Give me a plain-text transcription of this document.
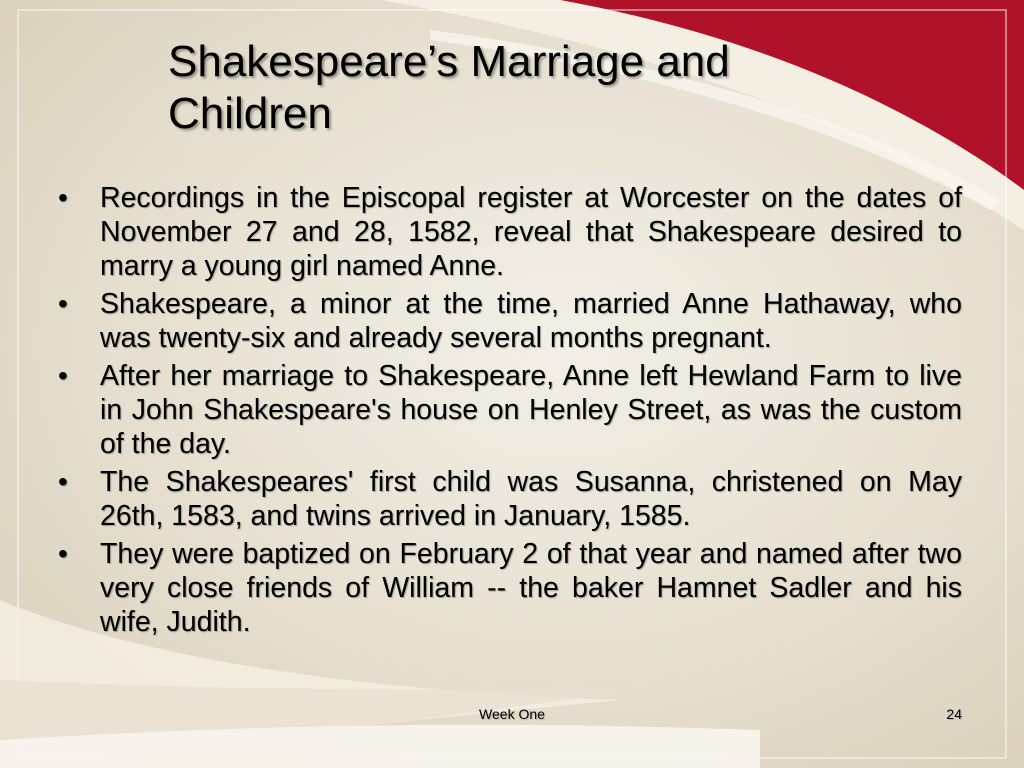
Shakespeare’s Marriage and Children
•	Recordings in the Episcopal register at Worcester on the dates of November 27 and 28, 1582, reveal that Shakespeare desired to marry a young girl named Anne.
•	Shakespeare, a minor at the time, married Anne Hathaway, who was twenty-six and already several months pregnant.
•	After her marriage to Shakespeare, Anne left Hewland Farm to live in John Shakespeare's house on Henley Street, as was the custom of the day.
•	The Shakespeares' first child was Susanna, christened on May 26th, 1583, and twins arrived in January, 1585.
•	They were baptized on February 2 of that year and named after two very close friends of William -- the baker Hamnet Sadler and his wife, Judith.
Week One	24
